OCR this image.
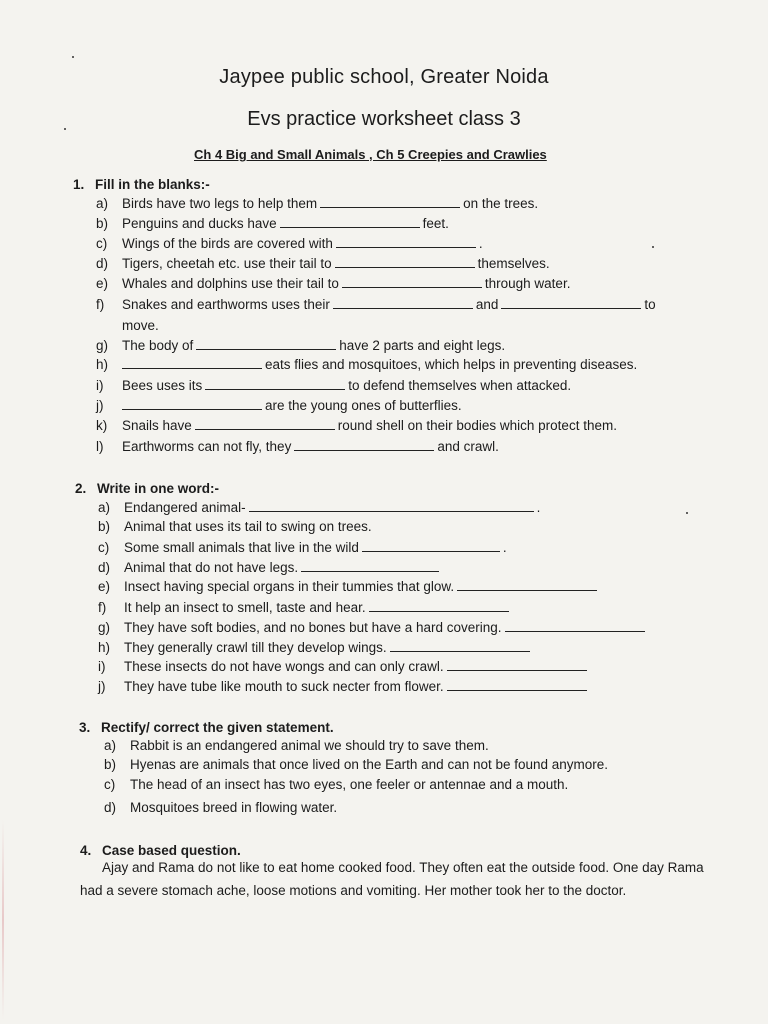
Jaypee public school, Greater Noida
Evs practice worksheet class 3
Ch 4 Big and Small Animals , Ch 5 Creepies and Crawlies
1. Fill in the blanks:-
a) Birds have two legs to help them	on the trees.
b) Penguins and ducks have	feet.
c) Wings of the birds are covered with	.
d) Tigers, cheetah etc. use their tail to	themselves.
e) Whales and dolphins use their tail to	through water.
f) Snakes and earthworms uses their	and	to
move.
g) The body of	have 2 parts and eight legs.
h)	eats flies and mosquitoes, which helps in preventing diseases.
i) Bees uses its	to defend themselves when attacked.
j)	are the young ones of butterflies.
k) Snails have	round shell on their bodies which protect them.
l) Earthworms can not fly, they	and crawl.
2. Write in one word:-
a) Endangered animal-	.
b) Animal that uses its tail to swing on trees.
c) Some small animals that live in the wild	.
d) Animal that do not have legs.
e) Insect having special organs in their tummies that glow.
f) It help an insect to smell, taste and hear.
g) They have soft bodies, and no bones but have a hard covering.
h) They generally crawl till they develop wings.
i) These insects do not have wongs and can only crawl.
j) They have tube like mouth to suck necter from flower.
3. Rectify/ correct the given statement.
a) Rabbit is an endangered animal we should try to save them.
b) Hyenas are animals that once lived on the Earth and can not be found anymore.
c) The head of an insect has two eyes, one feeler or antennae and a mouth.
d) Mosquitoes breed in flowing water.
4. Case based question.
Ajay and Rama do not like to eat home cooked food. They often eat the outside food. One day Rama had a severe stomach ache, loose motions and vomiting. Her mother took her to the doctor.
